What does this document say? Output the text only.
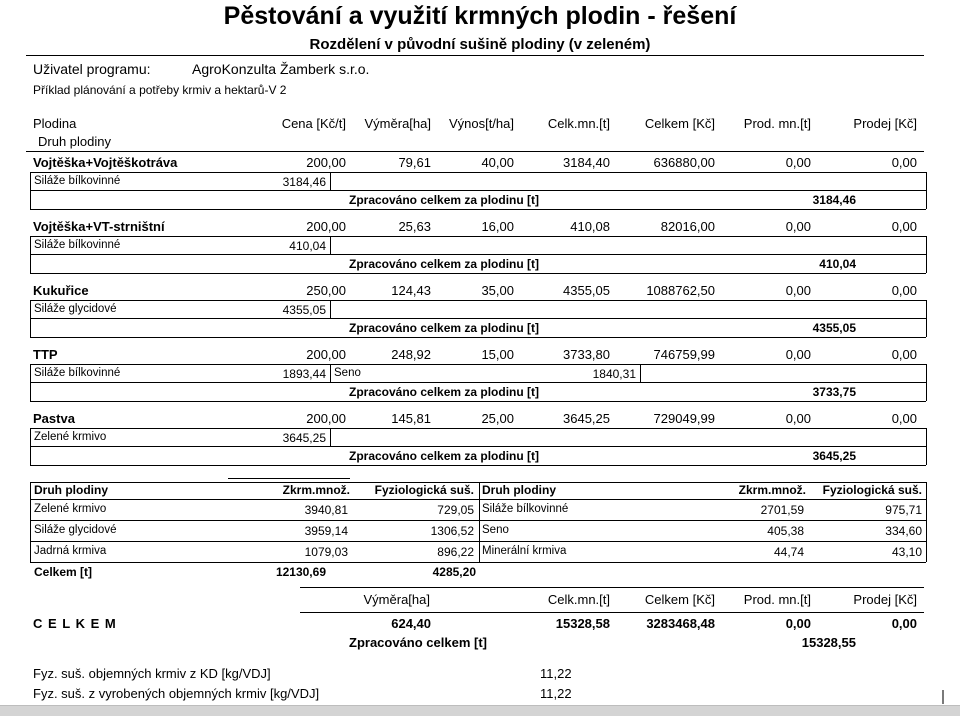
Pěstování a využití krmných plodin - řešení
Rozdělení v původní sušině plodiny (v zeleném)
Uživatel programu:	AgroKonzulta Žamberk s.r.o.
Příklad plánování a potřeby krmiv a hektarů-V 2
Plodina
Druh plodiny
Cena [Kč/t]	Výměra[ha]	Výnos[t/ha]	Celk.mn.[t]	Celkem [Kč]	Prod. mn.[t]	Prodej [Kč]
Vojtěška+Vojtěškotráva	200,00	79,61	40,00	3184,40	636880,00	0,00	0,00
Siláže bílkovinné	3184,46
Zpracováno celkem za plodinu [t]	3184,46
Vojtěška+VT-strništní	200,00	25,63	16,00	410,08	82016,00	0,00	0,00
Siláže bílkovinné	410,04
Zpracováno celkem za plodinu [t]	410,04
Kukuřice	250,00	124,43	35,00	4355,05	1088762,50	0,00	0,00
Siláže glycidové	4355,05
Zpracováno celkem za plodinu [t]	4355,05
TTP	200,00	248,92	15,00	3733,80	746759,99	0,00	0,00
Siláže bílkovinné	1893,44 Seno	1840,31
Zpracováno celkem za plodinu [t]	3733,75
Pastva	200,00	145,81	25,00	3645,25	729049,99	0,00	0,00
Zelené krmivo	3645,25
Zpracováno celkem za plodinu [t]	3645,25
Druh plodiny	Zkrm.množ.	Fyziologická suš. Druh plodiny	Zkrm.množ.	Fyziologická suš.
Zelené krmivo	3940,81	729,05 Siláže bílkovinné	2701,59	975,71
Siláže glycidové	3959,14	1306,52 Seno	405,38	334,60
Jadrná krmiva	1079,03	896,22 Minerální krmiva	44,74	43,10
Celkem [t]	12130,69	4285,20
Výměra[ha]	Celk.mn.[t]	Celkem [Kč]	Prod. mn.[t]	Prodej [Kč]
C E L K E M	624,40	15328,58	3283468,48	0,00	0,00
Zpracováno celkem [t]	15328,55
Fyz. suš. objemných krmiv z KD [kg/VDJ]	11,22
Fyz. suš. z vyrobených objemných krmiv [kg/VDJ]	11,22
